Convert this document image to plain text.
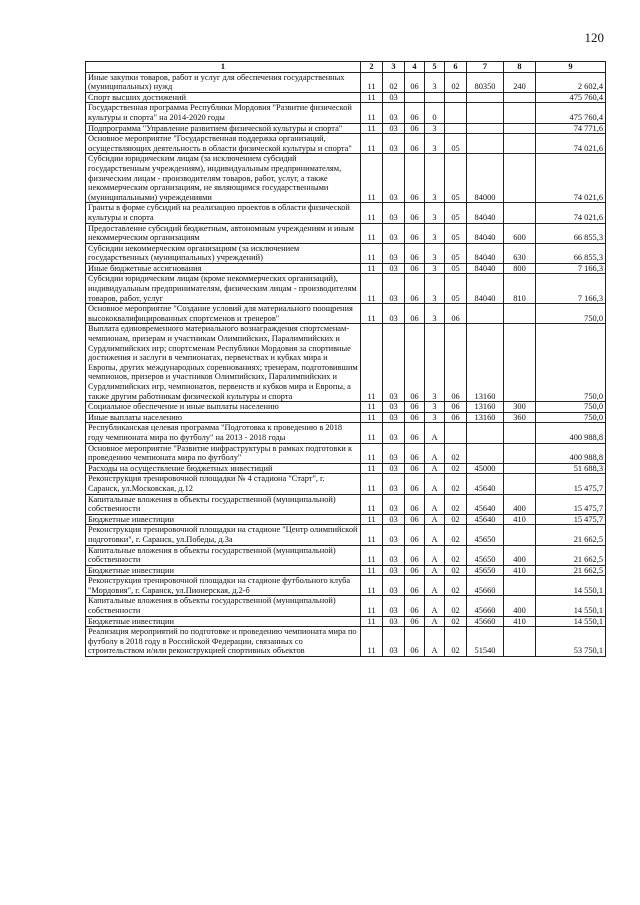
120
1	2	3	4	5	6	7	8	9
Иные закупки товаров, работ и услуг для обеспечения государственных (муниципальных) нужд	11	02	06	3	02	80350	240	2 602,4
Спорт высших достижений	11	03						475 760,4
Государственная программа Республики Мордовия "Развитие физической культуры и спорта" на 2014-2020 годы	11	03	06	0				475 760,4
Подпрограмма "Управление развитием физической культуры и спорта"	11	03	06	3				74 771,6
Основное мероприятие "Государственная поддержка организаций, осуществляющих деятельность в области физической культуры и спорта"	11	03	06	3	05			74 021,6
Субсидии юридическим лицам (за исключением субсидий государственным учреждениям), индивидуальным предпринимателям, физическим лицам - производителям товаров, работ, услуг, а также некоммерческим организациям, не являющимся государственными (муниципальными) учреждениями	11	03	06	3	05	84000		74 021,6
Гранты в форме субсидий на реализацию проектов в области физической культуры и спорта	11	03	06	3	05	84040		74 021,6
Предоставление субсидий бюджетным, автономным учреждениям и иным некоммерческим организациям	11	03	06	3	05	84040	600	66 855,3
Субсидии некоммерческим организациям (за исключением государственных (муниципальных) учреждений)	11	03	06	3	05	84040	630	66 855,3
Иные бюджетные ассигнования	11	03	06	3	05	84040	800	7 166,3
Субсидии юридическим лицам (кроме некоммерческих организаций), индивидуальным предпринимателям, физическим лицам - производителям товаров, работ, услуг	11	03	06	3	05	84040	810	7 166,3
Основное мероприятие "Создание условий для материального поощрения высококвалифицированных спортсменов и тренеров"	11	03	06	3	06			750,0
Выплата единовременного материального вознаграждения спортсменам-чемпионам, призерам и участникам Олимпийских, Паралимпийских и Сурдлимпийских игр; спортсменам Республики Мордовия за спортивные достижения и заслуги в чемпионатах, первенствах и кубках мира и Европы, других международных соревнованиях; тренерам, подготовившим чемпионов, призеров и участников Олимпийских, Паралимпийских и Сурдлимпийских игр, чемпионатов, первенств и кубков мира и Европы, а также другим работникам физической культуры и спорта	11	03	06	3	06	13160		750,0
Социальное обеспечение и иные выплаты населению	11	03	06	3	06	13160	300	750,0
Иные выплаты населению	11	03	06	3	06	13160	360	750,0
Республиканская целевая программа "Подготовка к проведению в 2018 году чемпионата мира по футболу" на 2013 - 2018 годы	11	03	06	А				400 988,8
Основное мероприятие "Развитие инфраструктуры в рамках подготовки к проведению чемпионата мира по футболу"	11	03	06	А	02			400 988,8
Расходы на осуществление бюджетных инвестиций	11	03	06	А	02	45000		51 688,3
Реконструкция тренировочной площадки № 4 стадиона "Старт", г. Саранск, ул.Московская, д.12	11	03	06	А	02	45640		15 475,7
Капитальные вложения в объекты государственной (муниципальной) собственности	11	03	06	А	02	45640	400	15 475,7
Бюджетные инвестиции	11	03	06	А	02	45640	410	15 475,7
Реконструкция тренировочной площадки на стадионе "Центр олимпийской подготовки", г. Саранск, ул.Победы, д.3а	11	03	06	А	02	45650		21 662,5
Капитальные вложения в объекты государственной (муниципальной) собственности	11	03	06	А	02	45650	400	21 662,5
Бюджетные инвестиции	11	03	06	А	02	45650	410	21 662,5
Реконструкция тренировочной площадки на стадионе футбольного клуба "Мордовия", г. Саранск, ул.Пионерская, д.2-б	11	03	06	А	02	45660		14 550,1
Капитальные вложения в объекты государственной (муниципальной) собственности	11	03	06	А	02	45660	400	14 550,1
Бюджетные инвестиции	11	03	06	А	02	45660	410	14 550,1
Реализация мероприятий по подготовке и проведению чемпионата мира по футболу в 2018 году в Российской Федерации, связанных со строительством и/или реконструкцией спортивных объектов	11	03	06	А	02	51540		53 750,1
